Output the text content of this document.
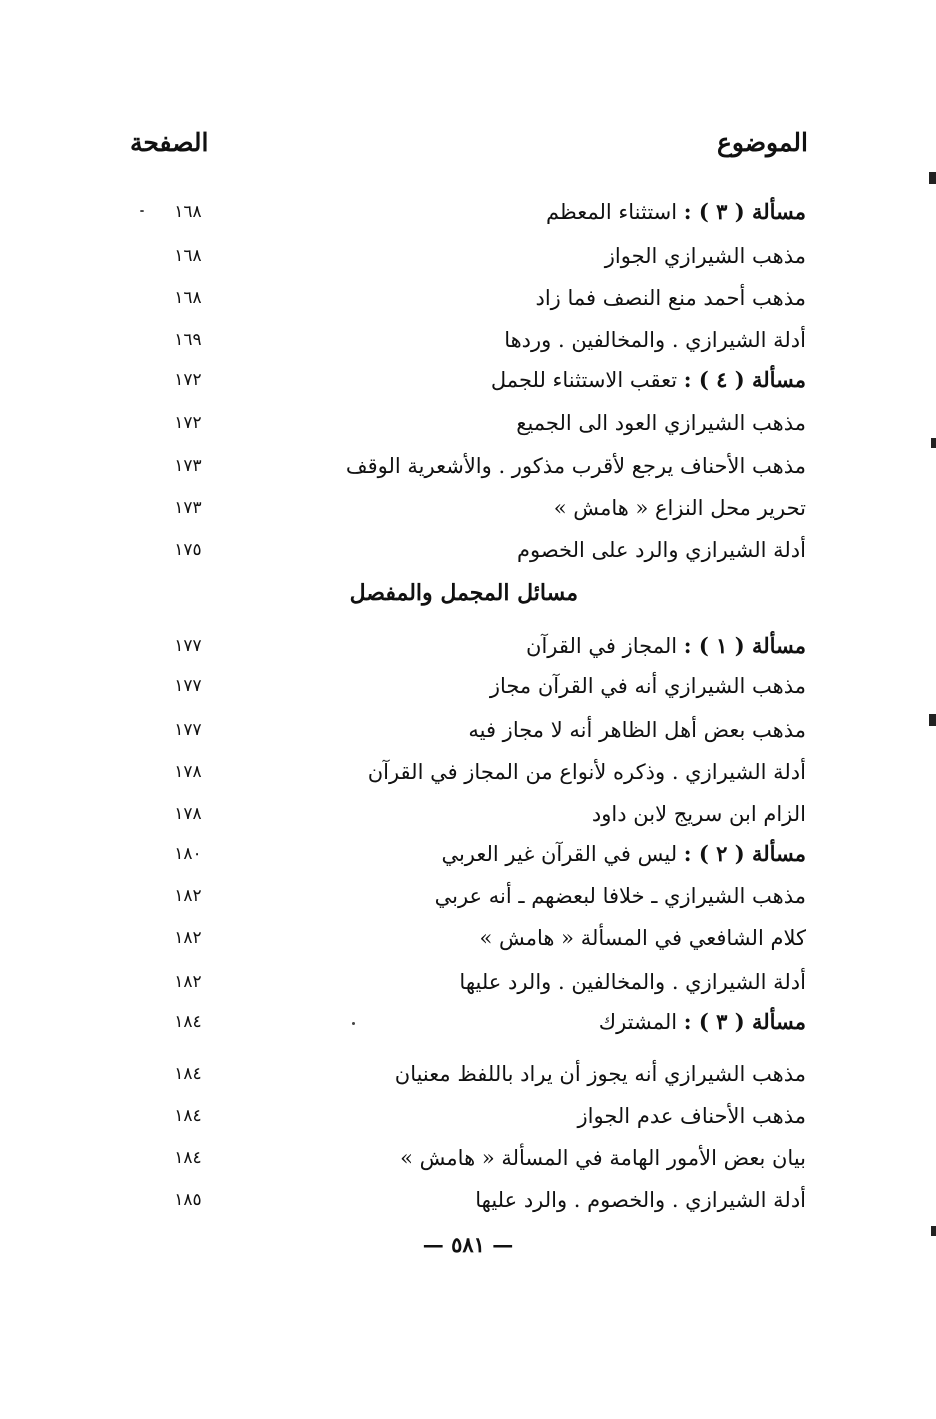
الموضوع
الصفحة
مسألة ( ٣ ) : استثناء المعظم
١٦٨
مذهب الشيرازي الجواز
١٦٨
مذهب أحمد منع النصف فما زاد
١٦٨
أدلة الشيرازي . والمخالفين . وردها
١٦٩
مسألة ( ٤ ) : تعقب الاستثناء للجمل
١٧٢
مذهب الشيرازي العود الى الجميع
١٧٢
مذهب الأحناف يرجع لأقرب مذكور . والأشعرية الوقف
١٧٣
تحرير محل النزاع « هامش »
١٧٣
أدلة الشيرازي والرد على الخصوم
١٧٥
مسألة ( ١ ) : المجاز في القرآن
١٧٧
مذهب الشيرازي أنه في القرآن مجاز
١٧٧
مذهب بعض أهل الظاهر أنه لا مجاز فيه
١٧٧
أدلة الشيرازي . وذكره لأنواع من المجاز في القرآن
١٧٨
الزام ابن سريج لابن داود
١٧٨
مسألة ( ٢ ) : ليس في القرآن غير العربي
١٨٠
مذهب الشيرازي ـ خلافا لبعضهم ـ أنه عربي
١٨٢
كلام الشافعي في المسألة « هامش »
١٨٢
أدلة الشيرازي . والمخالفين . والرد عليها
١٨٢
مسألة ( ٣ ) : المشترك
١٨٤
مذهب الشيرازي أنه يجوز أن يراد باللفظ معنيان
١٨٤
مذهب الأحناف عدم الجواز
١٨٤
بيان بعض الأمور الهامة في المسألة « هامش »
١٨٤
أدلة الشيرازي . والخصوم . والرد عليها
١٨٥
مسائل المجمل والمفصل
— ٥٨١ —
